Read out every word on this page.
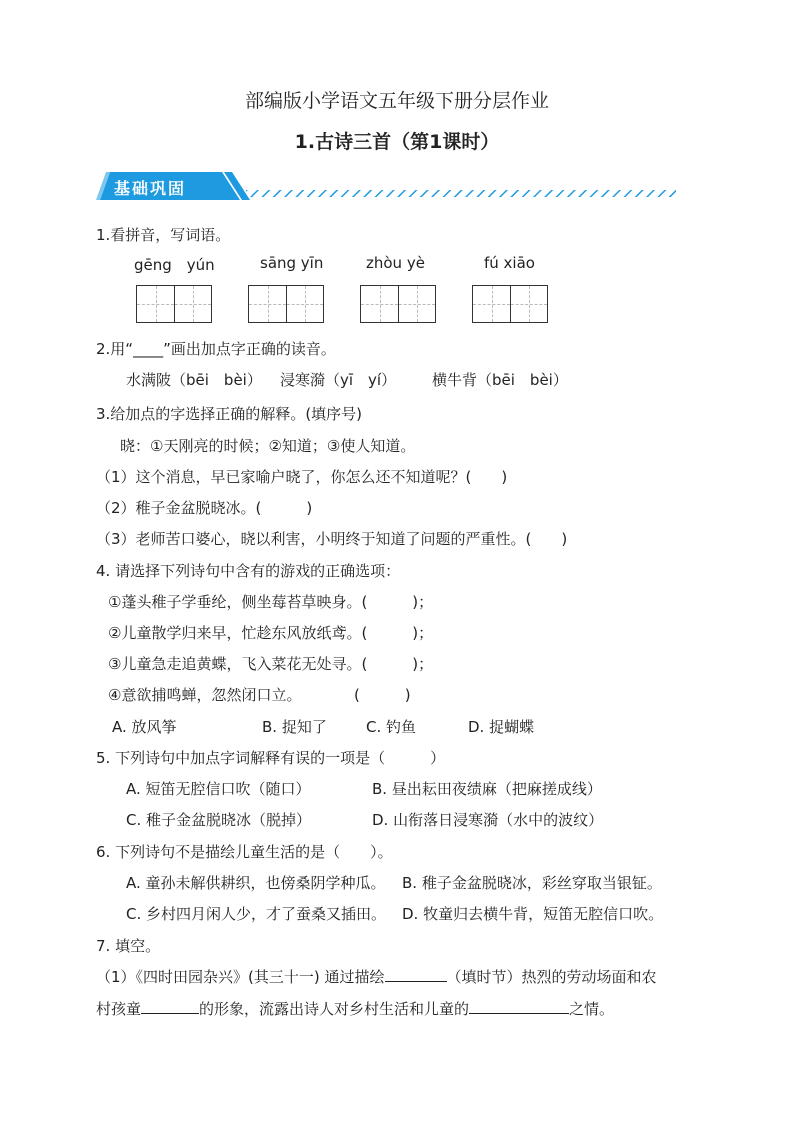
部编版小学语文五年级下册分层作业
1.古诗三首（第1课时）
基础巩固
1.看拼音，写词语。
gēng　yún	sāng yīn	zhòu yè	fú xiāo
2.用“____”画出加点字正确的读音。
水满陂（bēi　bèi） 浸寒漪（yī　yí） 横牛背（bēi　bèi）
3.给加点的字选择正确的解释。(填序号)
晓：①天刚亮的时候；②知道；③使人知道。
（1）这个消息，早已家喻户晓了，你怎么还不知道呢？(　　)
（2）稚子金盆脱晓冰。(　　　)
（3）老师苦口婆心，晓以利害，小明终于知道了问题的严重性。(　　)
4. 请选择下列诗句中含有的游戏的正确选项：
①蓬头稚子学垂纶，侧坐莓苔草映身。(　　　)；
②儿童散学归来早，忙趁东风放纸鸢。(　　　)；
③儿童急走追黄蝶，飞入菜花无处寻。(　　　)；
④意欲捕鸣蝉，忽然闭口立。　　　　(　　　)
A. 放风筝	B. 捉知了	C. 钓鱼	D. 捉蝴蝶
5. 下列诗句中加点字词解释有误的一项是（　　　）
A. 短笛无腔信口吹（随口）	B. 昼出耘田夜绩麻（把麻搓成线）
C. 稚子金盆脱晓冰（脱掉）	D. 山衔落日浸寒漪（水中的波纹）
6. 下列诗句不是描绘儿童生活的是（　　）。
A. 童孙未解供耕织，也傍桑阴学种瓜。 B. 稚子金盆脱晓冰，彩丝穿取当银钲。
C. 乡村四月闲人少，才了蚕桑又插田。 D. 牧童归去横牛背，短笛无腔信口吹。
7. 填空。
（1）《四时田园杂兴》(其三十一) 通过描绘	（填时节）热烈的劳动场面和农
村孩童	的形象，流露出诗人对乡村生活和儿童的	之情。
